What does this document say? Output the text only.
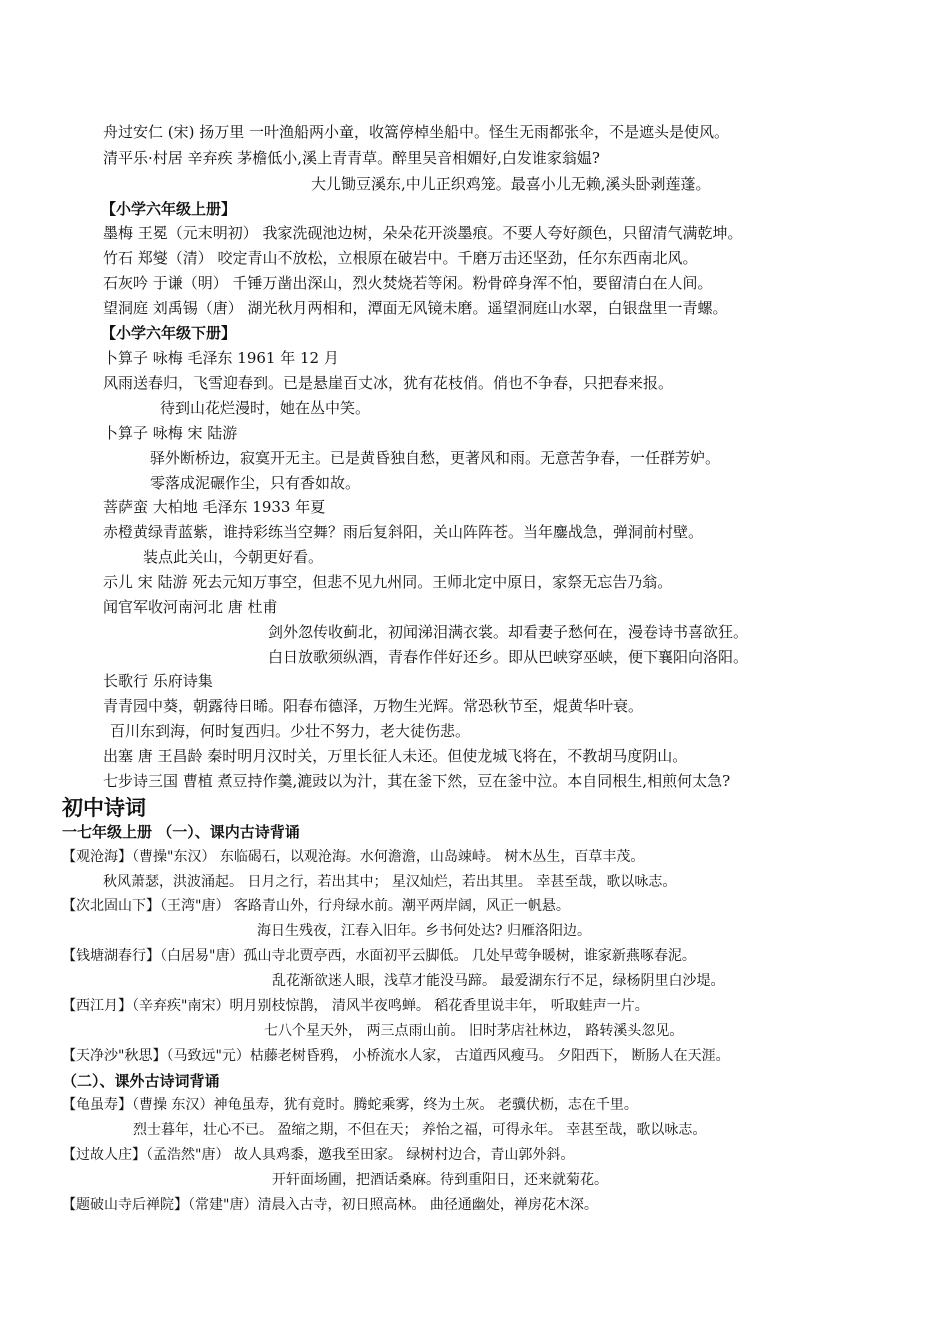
舟过安仁 (宋) 扬万里 一叶渔船两小童，收篙停棹坐船中。怪生无雨都张伞，不是遮头是使风。
清平乐·村居 辛弃疾 茅檐低小,溪上青青草。醉里吴音相媚好,白发谁家翁媪?
大儿锄豆溪东,中儿正织鸡笼。最喜小儿无赖,溪头卧剥莲蓬。
【小学六年级上册】
墨梅 王冕（元末明初） 我家洗砚池边树，朵朵花开淡墨痕。不要人夸好颜色，只留清气满乾坤。
竹石 郑燮（清） 咬定青山不放松，立根原在破岩中。千磨万击还坚劲，任尔东西南北风。
石灰吟 于谦（明） 千锤万凿出深山，烈火焚烧若等闲。粉骨碎身浑不怕，要留清白在人间。
望洞庭 刘禹锡（唐） 湖光秋月两相和，潭面无风镜未磨。遥望洞庭山水翠，白银盘里一青螺。
【小学六年级下册】
卜算子 咏梅 毛泽东 1961 年 12 月
风雨送春归，飞雪迎春到。已是悬崖百丈冰，犹有花枝俏。俏也不争春，只把春来报。
待到山花烂漫时，她在丛中笑。
卜算子 咏梅 宋 陆游
驿外断桥边，寂寞开无主。已是黄昏独自愁，更著风和雨。无意苦争春，一任群芳妒。
零落成泥碾作尘，只有香如故。
菩萨蛮 大柏地 毛泽东 1933 年夏
赤橙黄绿青蓝紫，谁持彩练当空舞？雨后复斜阳，关山阵阵苍。当年鏖战急，弹洞前村壁。
装点此关山，今朝更好看。
示儿 宋 陆游 死去元知万事空，但悲不见九州同。王师北定中原日，家祭无忘告乃翁。
闻官军收河南河北 唐 杜甫
剑外忽传收蓟北，初闻涕泪满衣裳。却看妻子愁何在，漫卷诗书喜欲狂。
白日放歌须纵酒，青春作伴好还乡。即从巴峡穿巫峡，便下襄阳向洛阳。
长歌行 乐府诗集
青青园中葵，朝露待日晞。阳春布德泽，万物生光辉。常恐秋节至，焜黄华叶衰。
百川东到海，何时复西归。少壮不努力，老大徒伤悲。
出塞 唐 王昌龄 秦时明月汉时关，万里长征人未还。但使龙城飞将在，不教胡马度阴山。
七步诗三国 曹植 煮豆持作羹,漉豉以为汁，萁在釜下然，豆在釜中泣。本自同根生,相煎何太急?
初中诗词
一七年级上册 （一）、课内古诗背诵
【观沧海】（曹操"东汉） 东临碣石，以观沧海。水何澹澹，山岛竦峙。 树木丛生，百草丰茂。
秋风萧瑟，洪波涌起。 日月之行，若出其中； 星汉灿烂，若出其里。 幸甚至哉，歌以咏志。
【次北固山下】（王湾"唐） 客路青山外，行舟绿水前。潮平两岸阔，风正一帆悬。
海日生残夜，江春入旧年。乡书何处达? 归雁洛阳边。
【钱塘湖春行】（白居易"唐）孤山寺北贾亭西，水面初平云脚低。 几处早莺争暖树，谁家新燕啄春泥。
乱花渐欲迷人眼，浅草才能没马蹄。 最爱湖东行不足，绿杨阴里白沙堤。
【西江月】（辛弃疾"南宋）明月别枝惊鹊， 清风半夜鸣蝉。 稻花香里说丰年， 听取蛙声一片。
七八个星天外， 两三点雨山前。 旧时茅店社林边， 路转溪头忽见。
【天净沙"秋思】（马致远"元）枯藤老树昏鸦， 小桥流水人家， 古道西风瘦马。 夕阳西下， 断肠人在天涯。
（二）、课外古诗词背诵
【龟虽寿】（曹操 东汉）神龟虽寿，犹有竟时。腾蛇乘雾，终为土灰。 老骥伏枥，志在千里。
烈士暮年，壮心不已。 盈缩之期，不但在天； 养怡之福，可得永年。 幸甚至哉，歌以咏志。
【过故人庄】（孟浩然"唐） 故人具鸡黍，邀我至田家。 绿树村边合，青山郭外斜。
开轩面场圃，把酒话桑麻。待到重阳日，还来就菊花。
【题破山寺后禅院】（常建"唐）清晨入古寺，初日照高林。 曲径通幽处，禅房花木深。
